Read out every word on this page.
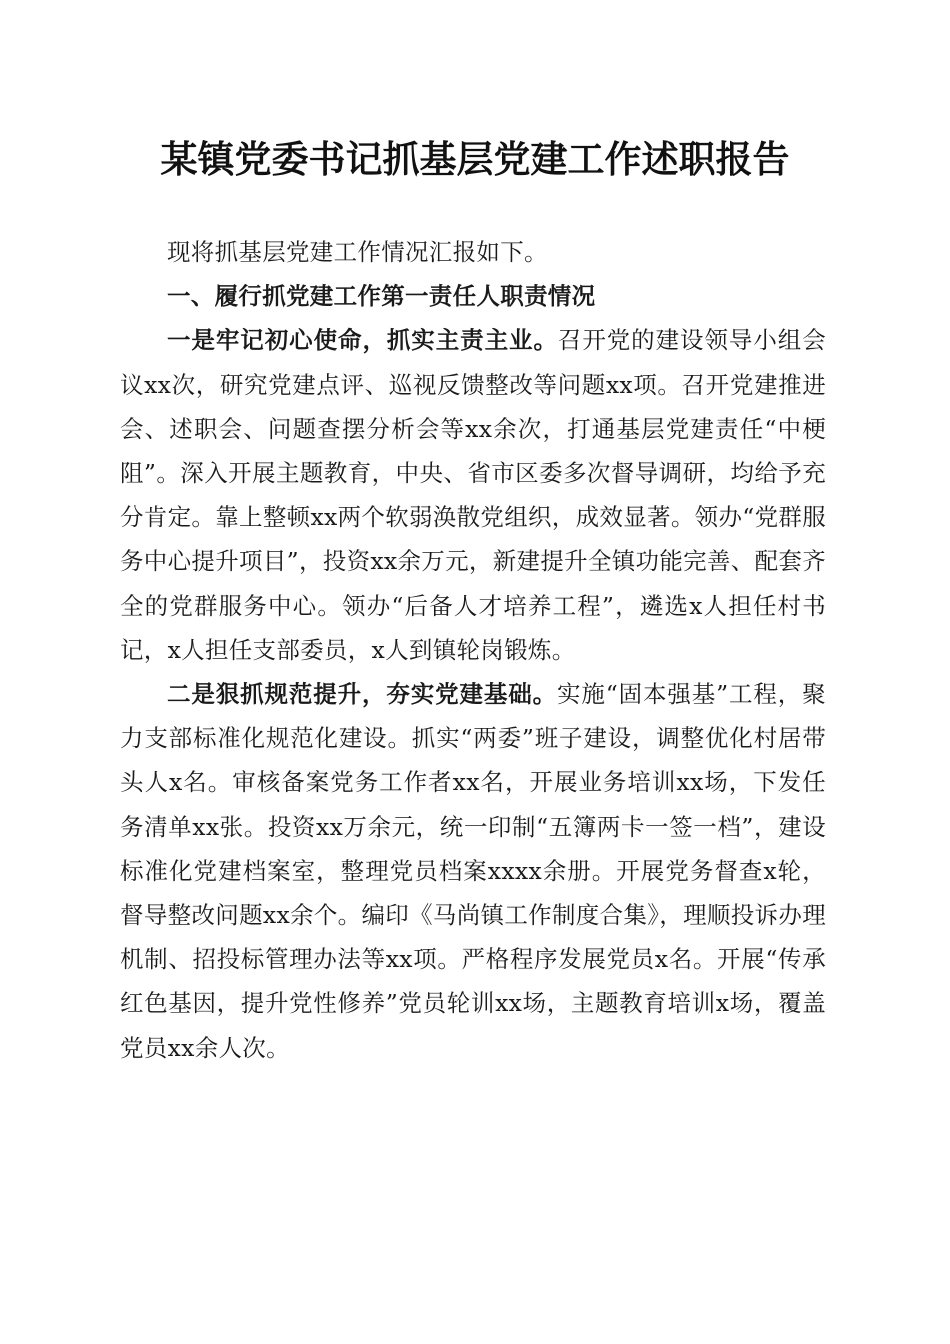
某镇党委书记抓基层党建工作述职报告

现将抓基层党建工作情况汇报如下。

一、履行抓党建工作第一责任人职责情况

一是牢记初心使命，抓实主责主业。召开党的建设领导小组会议xx次，研究党建点评、巡视反馈整改等问题xx项。召开党建推进会、述职会、问题查摆分析会等xx余次，打通基层党建责任“中梗阻”。深入开展主题教育，中央、省市区委多次督导调研，均给予充分肯定。靠上整顿xx两个软弱涣散党组织，成效显著。领办“党群服务中心提升项目”，投资xx余万元，新建提升全镇功能完善、配套齐全的党群服务中心。领办“后备人才培养工程”，遴选x人担任村书记，x人担任支部委员，x人到镇轮岗锻炼。

二是狠抓规范提升，夯实党建基础。实施“固本强基”工程，聚力支部标准化规范化建设。抓实“两委”班子建设，调整优化村居带头人x名。审核备案党务工作者xx名，开展业务培训xx场，下发任务清单xx张。投资xx万余元，统一印制“五簿两卡一签一档”，建设标准化党建档案室，整理党员档案xxxx余册。开展党务督查x轮，督导整改问题xx余个。编印《马尚镇工作制度合集》，理顺投诉办理机制、招投标管理办法等xx项。严格程序发展党员x名。开展“传承红色基因，提升党性修养”党员轮训xx场，主题教育培训x场，覆盖党员xx余人次。
